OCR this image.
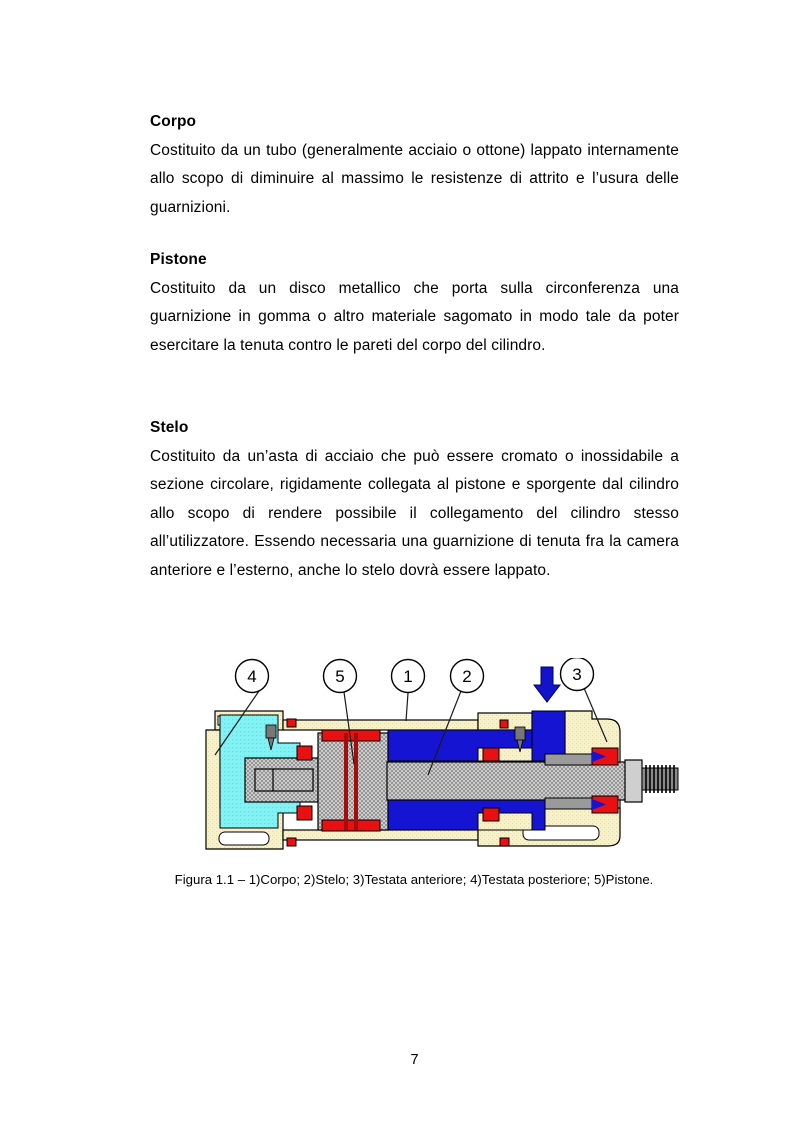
Corpo

Costituito da un tubo (generalmente acciaio o ottone) lappato internamente allo scopo di diminuire al massimo le resistenze di attrito e l’usura delle guarnizioni.

Pistone

Costituito da un disco metallico che porta sulla circonferenza una guarnizione in gomma o altro materiale sagomato in modo tale da poter esercitare la tenuta contro le pareti del corpo del cilindro.

Stelo

Costituito da un’asta di acciaio che può essere cromato o inossidabile a sezione circolare, rigidamente collegata al pistone e sporgente dal cilindro allo scopo di rendere possibile il collegamento del cilindro stesso all’utilizzatore. Essendo necessaria una guarnizione di tenuta fra la camera anteriore e l’esterno, anche lo stelo dovrà essere lappato.

4	5	1	2	3
Figura 1.1 – 1)Corpo; 2)Stelo; 3)Testata anteriore; 4)Testata posteriore; 5)Pistone.
7
